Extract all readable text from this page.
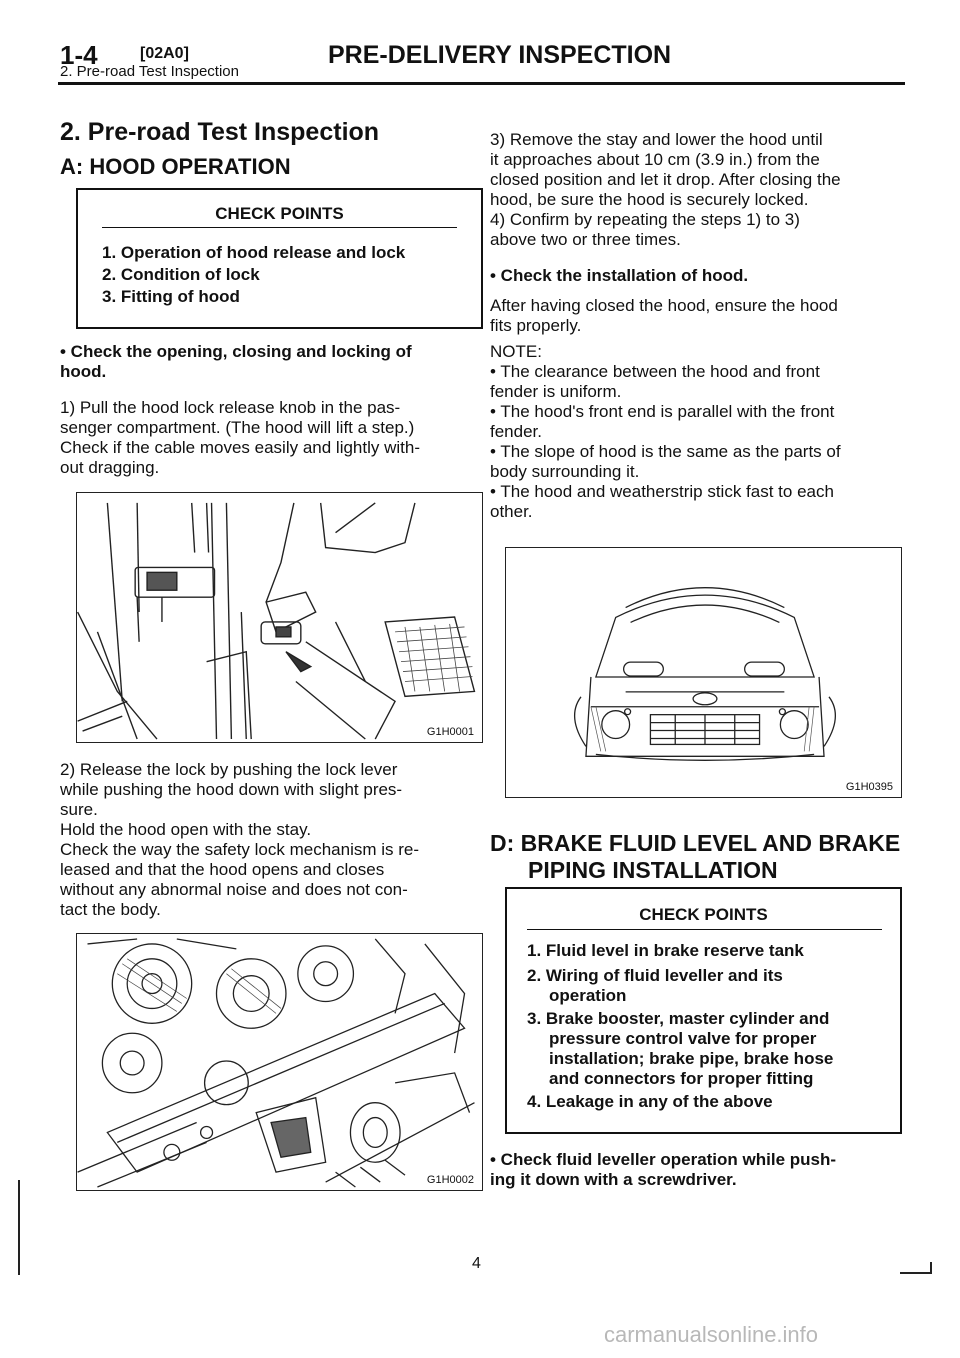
1-4	[02A0]	PRE-DELIVERY INSPECTION
2. Pre-road Test Inspection
2. Pre-road Test Inspection
A: HOOD OPERATION
CHECK POINTS
1. Operation of hood release and lock
2. Condition of lock
3. Fitting of hood
• Check the opening, closing and locking of
hood.
1) Pull the hood lock release knob in the pas-
senger compartment. (The hood will lift a step.)
Check if the cable moves easily and lightly with-
out dragging.
G1H0001
2) Release the lock by pushing the lock lever
while pushing the hood down with slight pres-
sure.
Hold the hood open with the stay.
Check the way the safety lock mechanism is re-
leased and that the hood opens and closes
without any abnormal noise and does not con-
tact the body.
G1H0002
3) Remove the stay and lower the hood until
it approaches about 10 cm (3.9 in.) from the
closed position and let it drop. After closing the
hood, be sure the hood is securely locked.
4) Confirm by repeating the steps 1) to 3)
above two or three times.
• Check the installation of hood.
After having closed the hood, ensure the hood
fits properly.
NOTE:
• The clearance between the hood and front
fender is uniform.
• The hood's front end is parallel with the front
fender.
• The slope of hood is the same as the parts of
body surrounding it.
• The hood and weatherstrip stick fast to each
other.
G1H0395
D: BRAKE FLUID LEVEL AND BRAKE
PIPING INSTALLATION
CHECK POINTS
1. Fluid level in brake reserve tank
2. Wiring of fluid leveller and its
operation
3. Brake booster, master cylinder and
pressure control valve for proper
installation; brake pipe, brake hose
and connectors for proper fitting
4. Leakage in any of the above
• Check fluid leveller operation while push-
ing it down with a screwdriver.
4
carmanualsonline.info
